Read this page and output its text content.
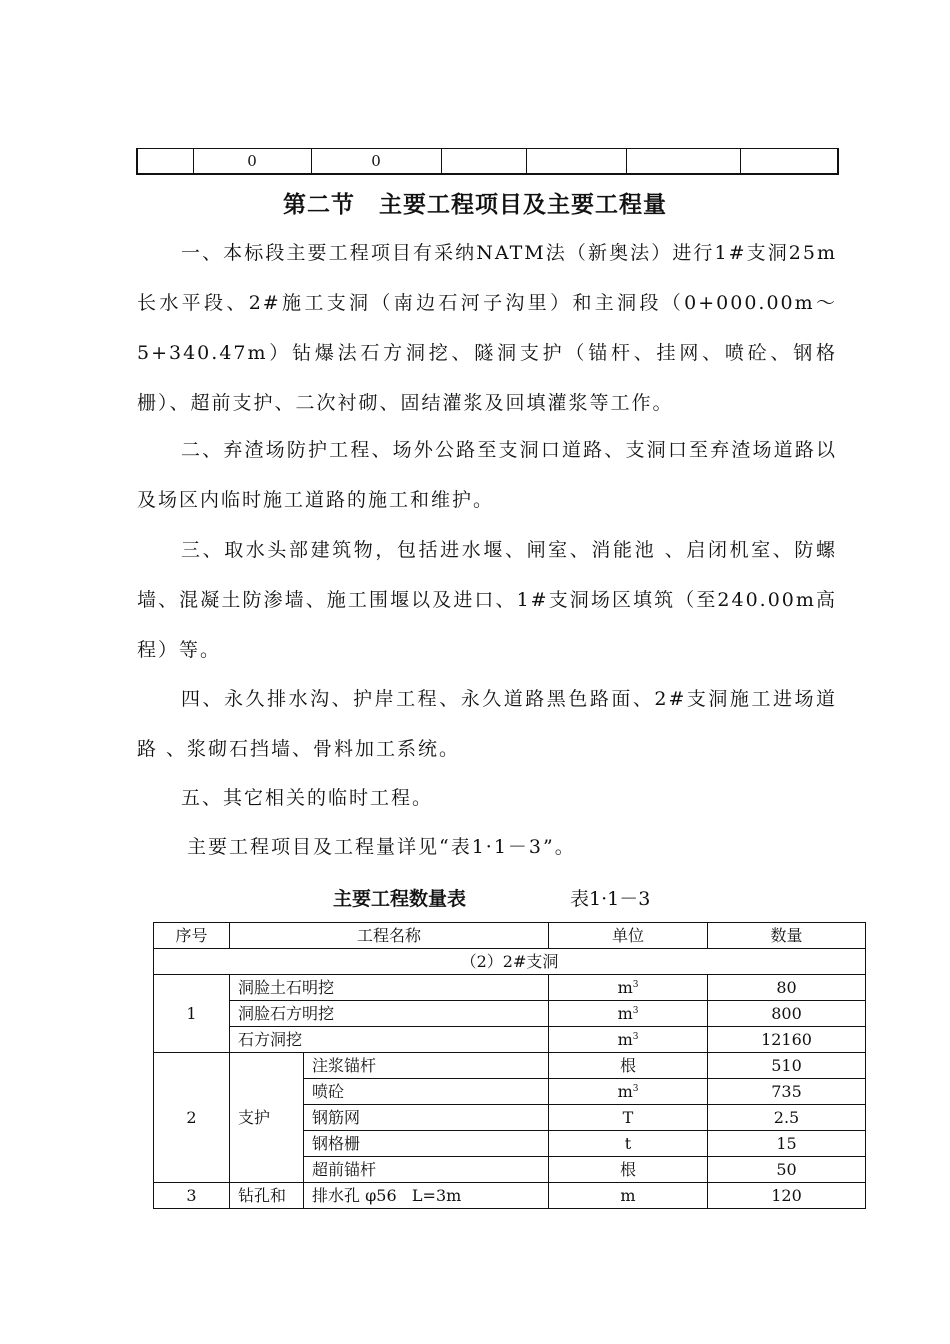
	0	0				
第二节 主要工程项目及主要工程量

一、本标段主要工程项目有采纳NATM法（新奥法）进行1#支洞25m长水平段、2#施工支洞（南边石河子沟里）和主洞段（0+000.00m～5+340.47m）钻爆法石方洞挖、隧洞支护（锚杆、挂网、喷砼、钢格栅）、超前支护、二次衬砌、固结灌浆及回填灌浆等工作。

二、弃渣场防护工程、场外公路至支洞口道路、支洞口至弃渣场道路以及场区内临时施工道路的施工和维护。

三、取水头部建筑物，包括进水堰、闸室、消能池 、启闭机室、防螺墙、混凝土防渗墙、施工围堰以及进口、1#支洞场区填筑（至240.00m高程）等。

四、永久排水沟、护岸工程、永久道路黑色路面、2#支洞施工进场道路 、浆砌石挡墙、骨料加工系统。

五、其它相关的临时工程。

主要工程项目及工程量详见“表1·1－3”。

主要工程数量表	表1·1－3
序号	工程名称		单位	数量
（2）2#支洞				
1	洞脸土石明挖		$m^3$	80
	洞脸石方明挖		$m^3$	800
	石方洞挖		$m^3$	12160
2	支护	注浆锚杆	根	510
		喷砼	$m^3$	735
		钢筋网	T	2.5
		钢格栅	t	15
		超前锚杆	根	50
3	钻孔和	排水孔 φ56   L=3m	m	120
